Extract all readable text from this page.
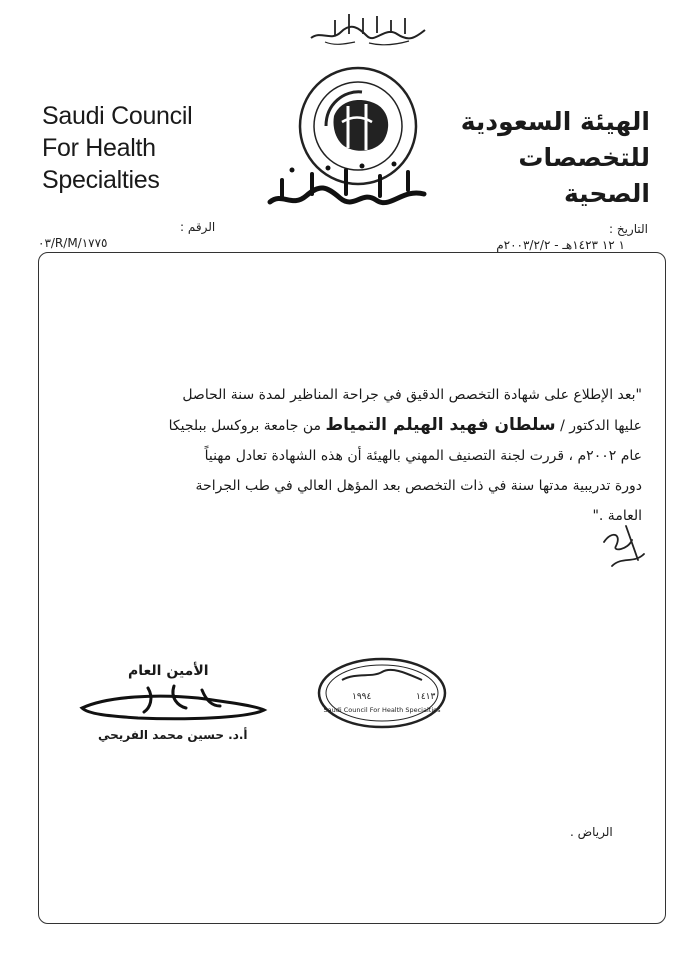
Saudi Council
For Health Specialties
الهيئة السعودية
للتخصصات الصحية
التاريخ :
١ ١٢ ١٤٢٣هـ - ٢٠٠٣/٢/٢م
الرقم :
٠٣/R/M/١٧٧٥

"بعد الإطلاع على شهادة التخصص الدقيق في جراحة المناظير لمدة سنة الحاصل

عليها الدكتور / سلطان فهيد الهيلم التمياط من جامعة بروكسل ببلجيكا

عام ٢٠٠٢م ، قررت لجنة التصنيف المهني بالهيئة أن هذه الشهادة تعادل مهنياً

دورة تدريبية مدتها سنة في ذات التخصص بعد المؤهل العالي في طب الجراحة

العامة ."

١٤١٣
١٩٩٤
Saudi Council For Health Specialties
الأمين العام
أ.د. حسين محمد الفريحي
الرياض .
